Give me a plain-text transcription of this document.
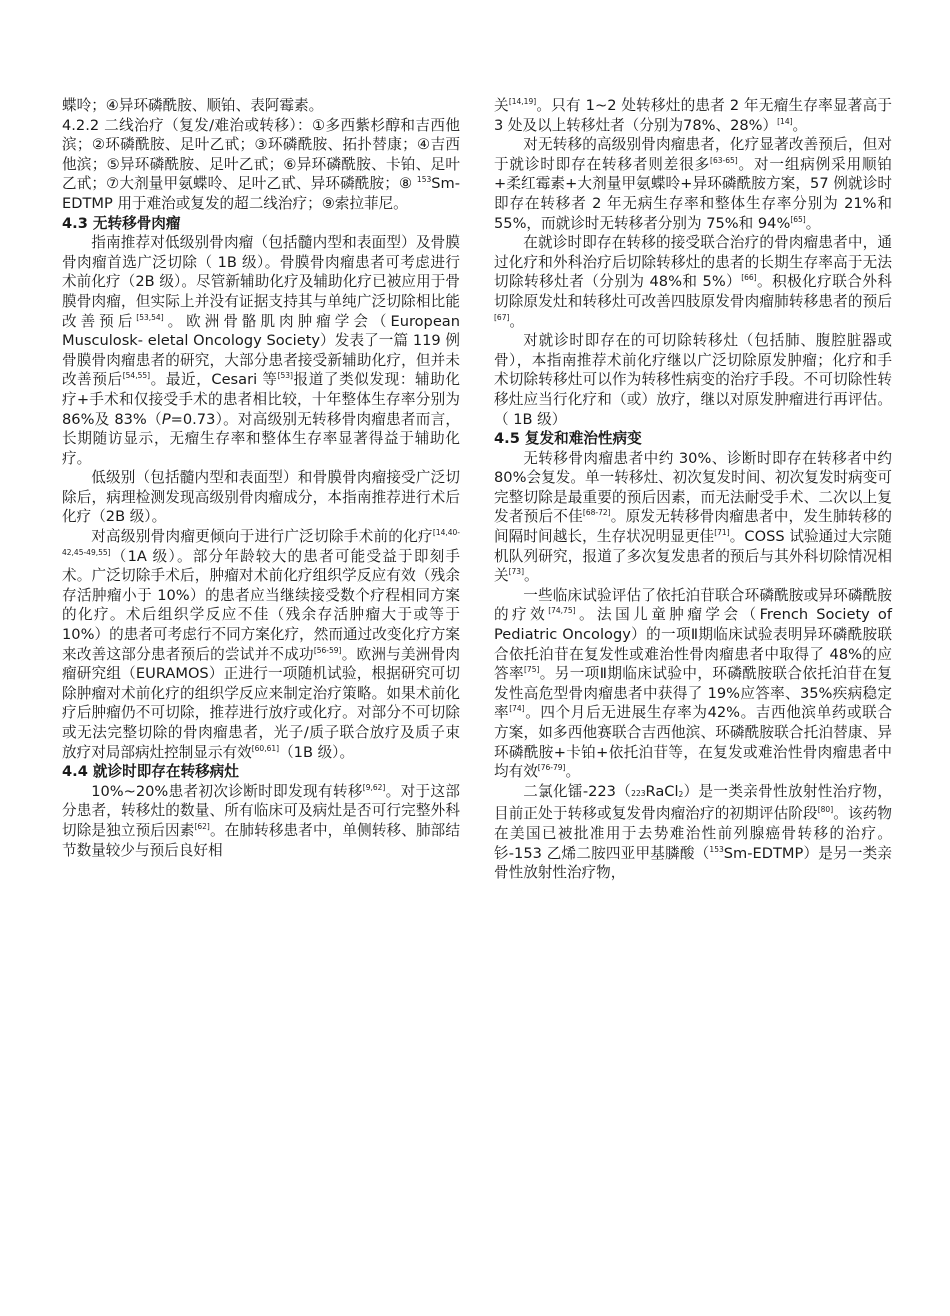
蝶呤；④异环磷酰胺、顺铂、表阿霉素。

4.2.2 二线治疗（复发/难治或转移）：①多西紫杉醇和吉西他滨；②环磷酰胺、足叶乙甙；③环磷酰胺、拓扑替康；④吉西他滨；⑤异环磷酰胺、足叶乙甙；⑥异环磷酰胺、卡铂、足叶乙甙；⑦大剂量甲氨蝶呤、足叶乙甙、异环磷酰胺；⑧ $^{153}$Sm-EDTMP 用于难治或复发的超二线治疗；⑨索拉菲尼。

4.3 无转移骨肉瘤

指南推荐对低级别骨肉瘤（包括髓内型和表面型）及骨膜骨肉瘤首选广泛切除（ 1B 级）。骨膜骨肉瘤患者可考虑进行术前化疗（2B 级）。尽管新辅助化疗及辅助化疗已被应用于骨膜骨肉瘤，但实际上并没有证据支持其与单纯广泛切除相比能改善预后[53,54]。欧洲骨骼肌肉肿瘤学会（European Musculosk- eletal Oncology Society）发表了一篇 119 例骨膜骨肉瘤患者的研究，大部分患者接受新辅助化疗，但并未改善预后[54,55]。最近，Cesari 等[53]报道了类似发现：辅助化疗+手术和仅接受手术的患者相比较，十年整体生存率分别为 86%及 83%（P=0.73）。对高级别无转移骨肉瘤患者而言，长期随访显示，无瘤生存率和整体生存率显著得益于辅助化疗。

低级别（包括髓内型和表面型）和骨膜骨肉瘤接受广泛切除后，病理检测发现高级别骨肉瘤成分，本指南推荐进行术后化疗（2B 级）。

对高级别骨肉瘤更倾向于进行广泛切除手术前的化疗[14,40-42,45-49,55]（1A 级）。部分年龄较大的患者可能受益于即刻手术。广泛切除手术后，肿瘤对术前化疗组织学反应有效（残余存活肿瘤小于 10%）的患者应当继续接受数个疗程相同方案的化疗。术后组织学反应不佳（残余存活肿瘤大于或等于10%）的患者可考虑行不同方案化疗，然而通过改变化疗方案来改善这部分患者预后的尝试并不成功[56-59]。欧洲与美洲骨肉瘤研究组（EURAMOS）正进行一项随机试验，根据研究可切除肿瘤对术前化疗的组织学反应来制定治疗策略。如果术前化疗后肿瘤仍不可切除，推荐进行放疗或化疗。对部分不可切除或无法完整切除的骨肉瘤患者，光子/质子联合放疗及质子束放疗对局部病灶控制显示有效[60,61]（1B 级）。

4.4 就诊时即存在转移病灶

10%~20%患者初次诊断时即发现有转移[9,62]。对于这部分患者，转移灶的数量、所有临床可及病灶是否可行完整外科切除是独立预后因素[62]。在肺转移患者中，单侧转移、肺部结节数量较少与预后良好相

关[14,19]。只有 1~2 处转移灶的患者 2 年无瘤生存率显著高于 3 处及以上转移灶者（分别为78%、28%）[14]。

对无转移的高级别骨肉瘤患者，化疗显著改善预后，但对于就诊时即存在转移者则差很多[63-65]。对一组病例采用顺铂+柔红霉素+大剂量甲氨蝶呤+异环磷酰胺方案，57 例就诊时即存在转移者 2 年无病生存率和整体生存率分别为 21%和 55%，而就诊时无转移者分别为 75%和 94%[65]。

在就诊时即存在转移的接受联合治疗的骨肉瘤患者中，通过化疗和外科治疗后切除转移灶的患者的长期生存率高于无法切除转移灶者（分别为 48%和 5%）[66]。积极化疗联合外科切除原发灶和转移灶可改善四肢原发骨肉瘤肺转移患者的预后[67]。

对就诊时即存在的可切除转移灶（包括肺、腹腔脏器或骨），本指南推荐术前化疗继以广泛切除原发肿瘤；化疗和手术切除转移灶可以作为转移性病变的治疗手段。不可切除性转移灶应当行化疗和（或）放疗，继以对原发肿瘤进行再评估。（ 1B 级）

4.5 复发和难治性病变

无转移骨肉瘤患者中约 30%、诊断时即存在转移者中约 80%会复发。单一转移灶、初次复发时间、初次复发时病变可完整切除是最重要的预后因素，而无法耐受手术、二次以上复发者预后不佳[68-72]。原发无转移骨肉瘤患者中，发生肺转移的间隔时间越长，生存状况明显更佳[71]。COSS 试验通过大宗随机队列研究，报道了多次复发患者的预后与其外科切除情况相关[73]。

一些临床试验评估了依托泊苷联合环磷酰胺或异环磷酰胺的疗效[74,75]。法国儿童肿瘤学会（French Society of Pediatric Oncology）的一项Ⅱ期临床试验表明异环磷酰胺联合依托泊苷在复发性或难治性骨肉瘤患者中取得了 48%的应答率[75]。另一项Ⅱ期临床试验中，环磷酰胺联合依托泊苷在复发性高危型骨肉瘤患者中获得了 19%应答率、35%疾病稳定率[74]。四个月后无进展生存率为42%。吉西他滨单药或联合方案，如多西他赛联合吉西他滨、环磷酰胺联合托泊替康、异环磷酰胺+卡铂+依托泊苷等，在复发或难治性骨肉瘤患者中均有效[76-79]。

二氯化镭-223（223RaCl2）是一类亲骨性放射性治疗物，目前正处于转移或复发骨肉瘤治疗的初期评估阶段[80]。该药物在美国已被批准用于去势难治性前列腺癌骨转移的治疗。钐-153 乙烯二胺四亚甲基膦酸（$^{153}$Sm-EDTMP）是另一类亲骨性放射性治疗物，
